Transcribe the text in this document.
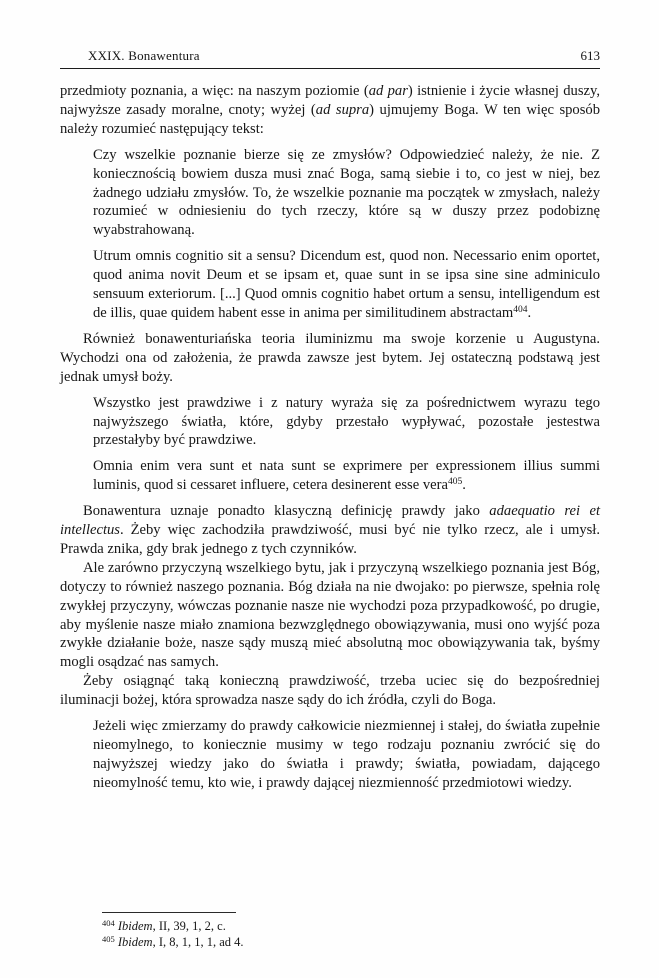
XXIX. Bonawentura	613

przedmioty poznania, a więc: na naszym poziomie (ad par) istnienie i życie własnej duszy, najwyższe zasady moralne, cnoty; wyżej (ad supra) ujmujemy Boga. W ten więc sposób należy rozumieć następujący tekst:

Czy wszelkie poznanie bierze się ze zmysłów? Odpowiedzieć należy, że nie. Z koniecznością bowiem dusza musi znać Boga, samą siebie i to, co jest w niej, bez żadnego udziału zmysłów. To, że wszelkie poznanie ma początek w zmysłach, należy rozumieć w odniesieniu do tych rzeczy, które są w duszy przez podobiznę wyabstrahowaną.

Utrum omnis cognitio sit a sensu? Dicendum est, quod non. Necessario enim oportet, quod anima novit Deum et se ipsam et, quae sunt in se ipsa sine sine adminiculo sensuum exteriorum. [...] Quod omnis cognitio habet ortum a sensu, intelligendum est de illis, quae quidem habent esse in anima per similitudinem abstractam$^{404}$.

Również bonawenturiańska teoria iluminizmu ma swoje korzenie u Augustyna. Wychodzi ona od założenia, że prawda zawsze jest bytem. Jej ostateczną podstawą jest jednak umysł boży.

Wszystko jest prawdziwe i z natury wyraża się za pośrednictwem wyrazu tego najwyższego światła, które, gdyby przestało wypływać, pozostałe jestestwa przestałyby być prawdziwe.

Omnia enim vera sunt et nata sunt se exprimere per expressionem illius summi luminis, quod si cessaret influere, cetera desinerent esse vera$^{405}$.

Bonawentura uznaje ponadto klasyczną definicję prawdy jako adaequatio rei et intellectus. Żeby więc zachodziła prawdziwość, musi być nie tylko rzecz, ale i umysł. Prawda znika, gdy brak jednego z tych czynników.

Ale zarówno przyczyną wszelkiego bytu, jak i przyczyną wszelkiego poznania jest Bóg, dotyczy to również naszego poznania. Bóg działa na nie dwojako: po pierwsze, spełnia rolę zwykłej przyczyny, wówczas poznanie nasze nie wychodzi poza przypadkowość, po drugie, aby myślenie nasze miało znamiona bezwzględnego obowiązywania, musi ono wyjść poza zwykłe działanie boże, nasze sądy muszą mieć absolutną moc obowiązywania tak, byśmy mogli osądzać nas samych.

Żeby osiągnąć taką konieczną prawdziwość, trzeba uciec się do bezpośredniej iluminacji bożej, która sprowadza nasze sądy do ich źródła, czyli do Boga.

Jeżeli więc zmierzamy do prawdy całkowicie niezmiennej i stałej, do światła zupełnie nieomylnego, to koniecznie musimy w tego rodzaju poznaniu zwrócić się do najwyższej wiedzy jako do światła i prawdy; światła, powiadam, dającego nieomylność temu, kto wie, i prawdy dającej niezmienność przedmiotowi wiedzy.

$^{404}$ Ibidem, II, 39, 1, 2, c.

$^{405}$ Ibidem, I, 8, 1, 1, 1, ad 4.
